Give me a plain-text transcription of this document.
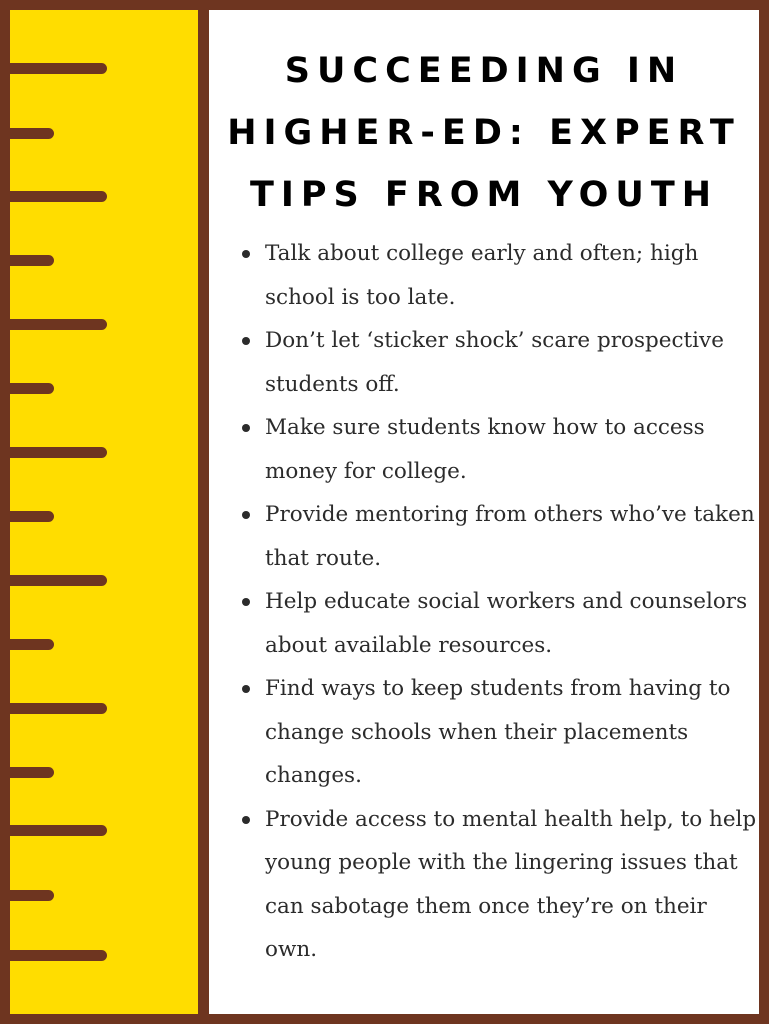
SUCCEEDING IN HIGHER-ED: EXPERT TIPS FROM YOUTH
Talk about college early and often; high school is too late.
Don’t let ‘sticker shock’ scare prospective students off.
Make sure students know how to access money for college.
Provide mentoring from others who’ve taken that route.
Help educate social workers and counselors about available resources.
Find ways to keep students from having to change schools when their placements changes.
Provide access to mental health help, to help young people with the lingering issues that can sabotage them once they’re on their own.
